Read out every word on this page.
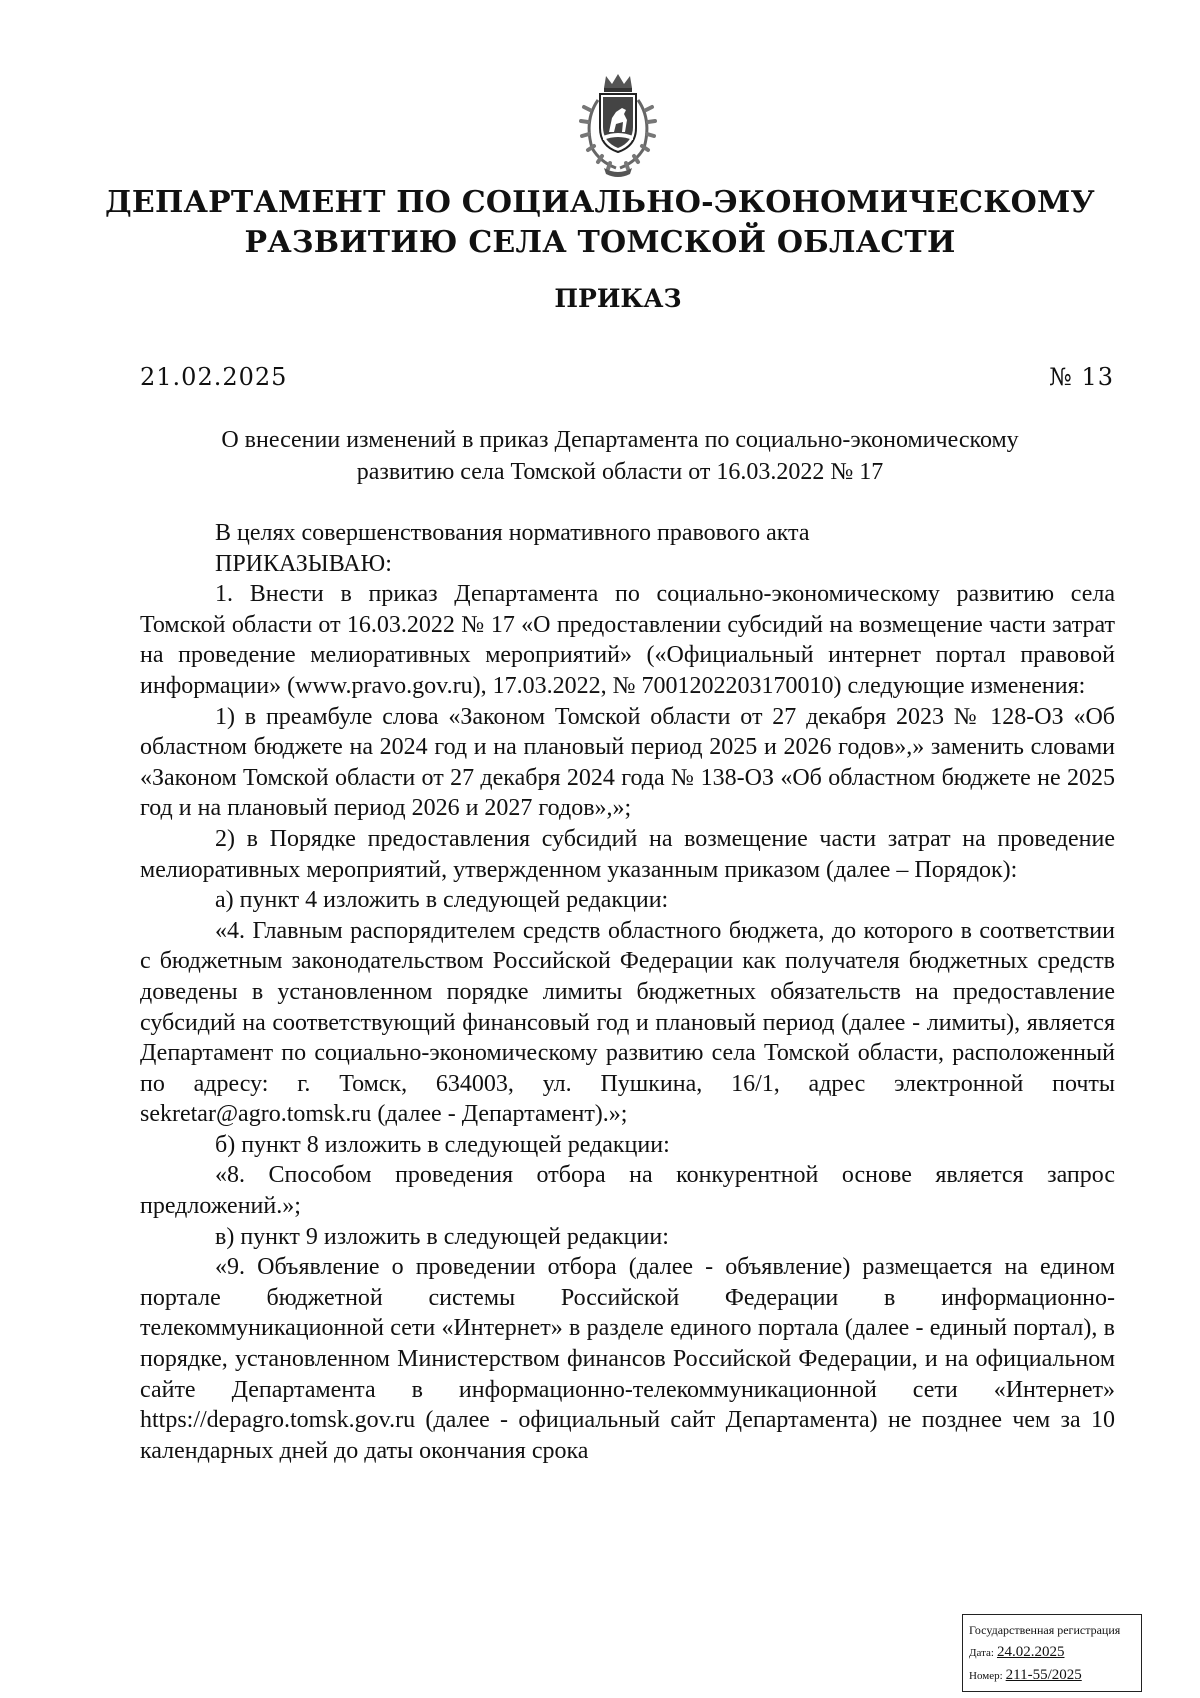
ДЕПАРТАМЕНТ ПО СОЦИАЛЬНО-ЭКОНОМИЧЕСКОМУ
РАЗВИТИЮ СЕЛА ТОМСКОЙ ОБЛАСТИ
ПРИКАЗ

21.02.2025	№ 13

О внесении изменений в приказ Департамента по социально-экономическому
развитию села Томской области от 16.03.2022 № 17

В целях совершенствования нормативного правового акта

ПРИКАЗЫВАЮ:

1. Внести в приказ Департамента по социально-экономическому развитию села Томской области от 16.03.2022 № 17 «О предоставлении субсидий на возмещение части затрат на проведение мелиоративных мероприятий» («Официальный интернет портал правовой информации» (www.pravo.gov.ru), 17.03.2022, № 7001202203170010) следующие изменения:

1) в преамбуле слова «Законом Томской области от 27 декабря 2023 № 128-ОЗ «Об областном бюджете на 2024 год и на плановый период 2025 и 2026 годов»,» заменить словами «Законом Томской области от 27 декабря 2024 года № 138-ОЗ «Об областном бюджете не 2025 год и на плановый период 2026 и 2027 годов»,»;

2) в Порядке предоставления субсидий на возмещение части затрат на проведение мелиоративных мероприятий, утвержденном указанным приказом (далее – Порядок):

а) пункт 4 изложить в следующей редакции:

«4. Главным распорядителем средств областного бюджета, до которого в соответствии с бюджетным законодательством Российской Федерации как получателя бюджетных средств доведены в установленном порядке лимиты бюджетных обязательств на предоставление субсидий на соответствующий финансовый год и плановый период (далее - лимиты), является Департамент по социально-экономическому развитию села Томской области, расположенный по адресу: г. Томск, 634003, ул. Пушкина, 16/1, адрес электронной почты sekretar@agro.tomsk.ru (далее - Департамент).»;

б) пункт 8 изложить в следующей редакции:

«8. Способом проведения отбора на конкурентной основе является запрос предложений.»;

в) пункт 9 изложить в следующей редакции:

«9. Объявление о проведении отбора (далее - объявление) размещается на едином портале бюджетной системы Российской Федерации в информационно-телекоммуникационной сети «Интернет» в разделе единого портала (далее - единый портал), в порядке, установленном Министерством финансов Российской Федерации, и на официальном сайте Департамента в информационно-телекоммуникационной сети «Интернет» https://depagro.tomsk.gov.ru (далее - официальный сайт Департамента) не позднее чем за 10 календарных дней до даты окончания срока

Государственная регистрация
Дата: 24.02.2025
Номер: 211-55/2025
